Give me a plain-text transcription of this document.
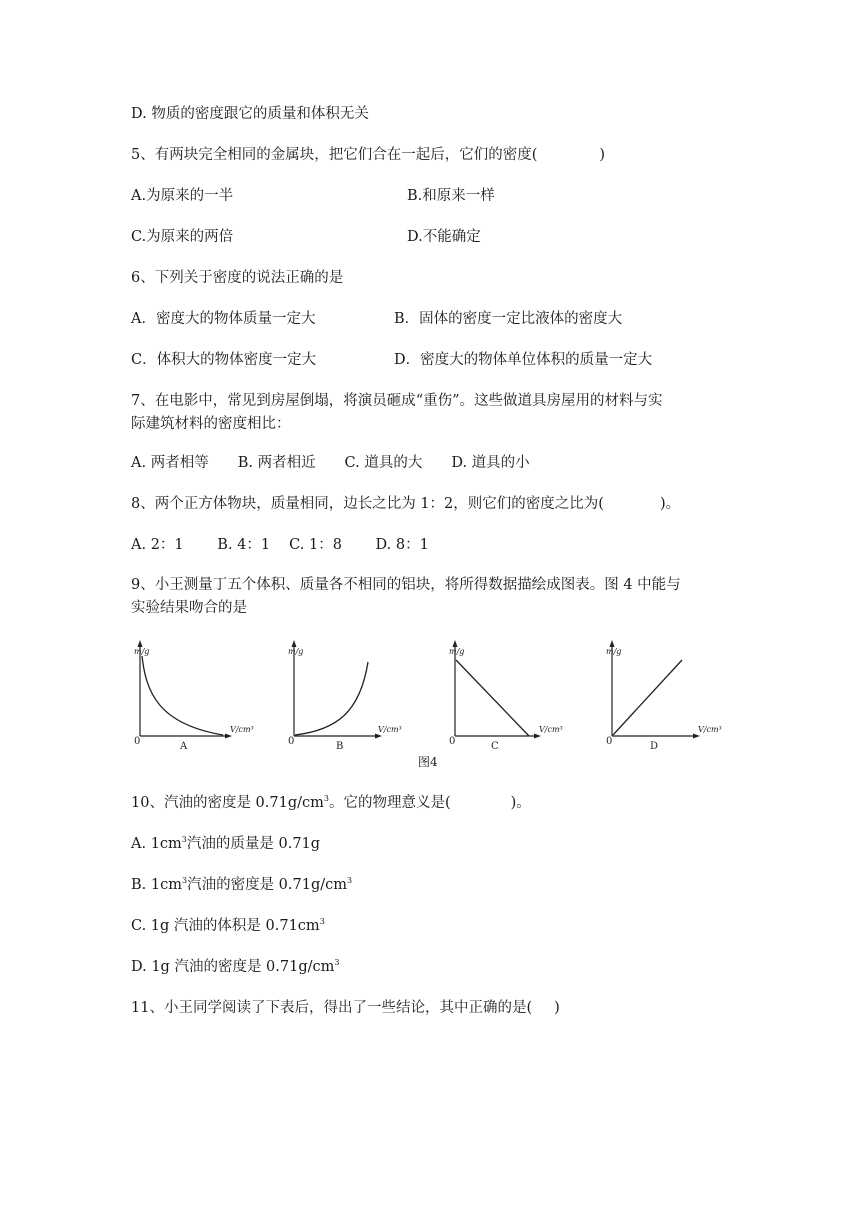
D. 物质的密度跟它的质量和体积无关
5、有两块完全相同的金属块，把它们合在一起后，它们的密度(	)
A.为原来的一半	B.和原来一样
C.为原来的两倍	D.不能确定
6、下列关于密度的说法正确的是
A．密度大的物体质量一定大	B．固体的密度一定比液体的密度大
C．体积大的物体密度一定大	D．密度大的物体单位体积的质量一定大
7、在电影中，常见到房屋倒塌，将演员砸成“重伤”。这些做道具房屋用的材料与实
际建筑材料的密度相比：
A. 两者相等　　B. 两者相近　　C. 道具的大　　D. 道具的小
8、两个正方体物块，质量相同，边长之比为 1：2，则它们的密度之比为(	)。
A. 2：1　　 B. 4：1　 C. 1：8　　 D. 8：1
9、小王测量丁五个体积、质量各不相同的铝块，将所得数据描绘成图表。图 4 中能与
实验结果吻合的是
m/g
V/cm³
0	A
m/g
V/cm³
0	B
m/g
V/cm³
0	C
m/g
V/cm³
0	D
图4
10、汽油的密度是 $0.71g/cm^3$。它的物理意义是(	)。
A. $1cm^3$汽油的质量是 0.71g
B. $1cm^3$汽油的密度是 $0.71g/cm^3$
C. 1g 汽油的体积是 $0.71cm^3$
D. 1g 汽油的密度是 $0.71g/cm^3$
11、小王同学阅读了下表后，得出了一些结论，其中正确的是( )
